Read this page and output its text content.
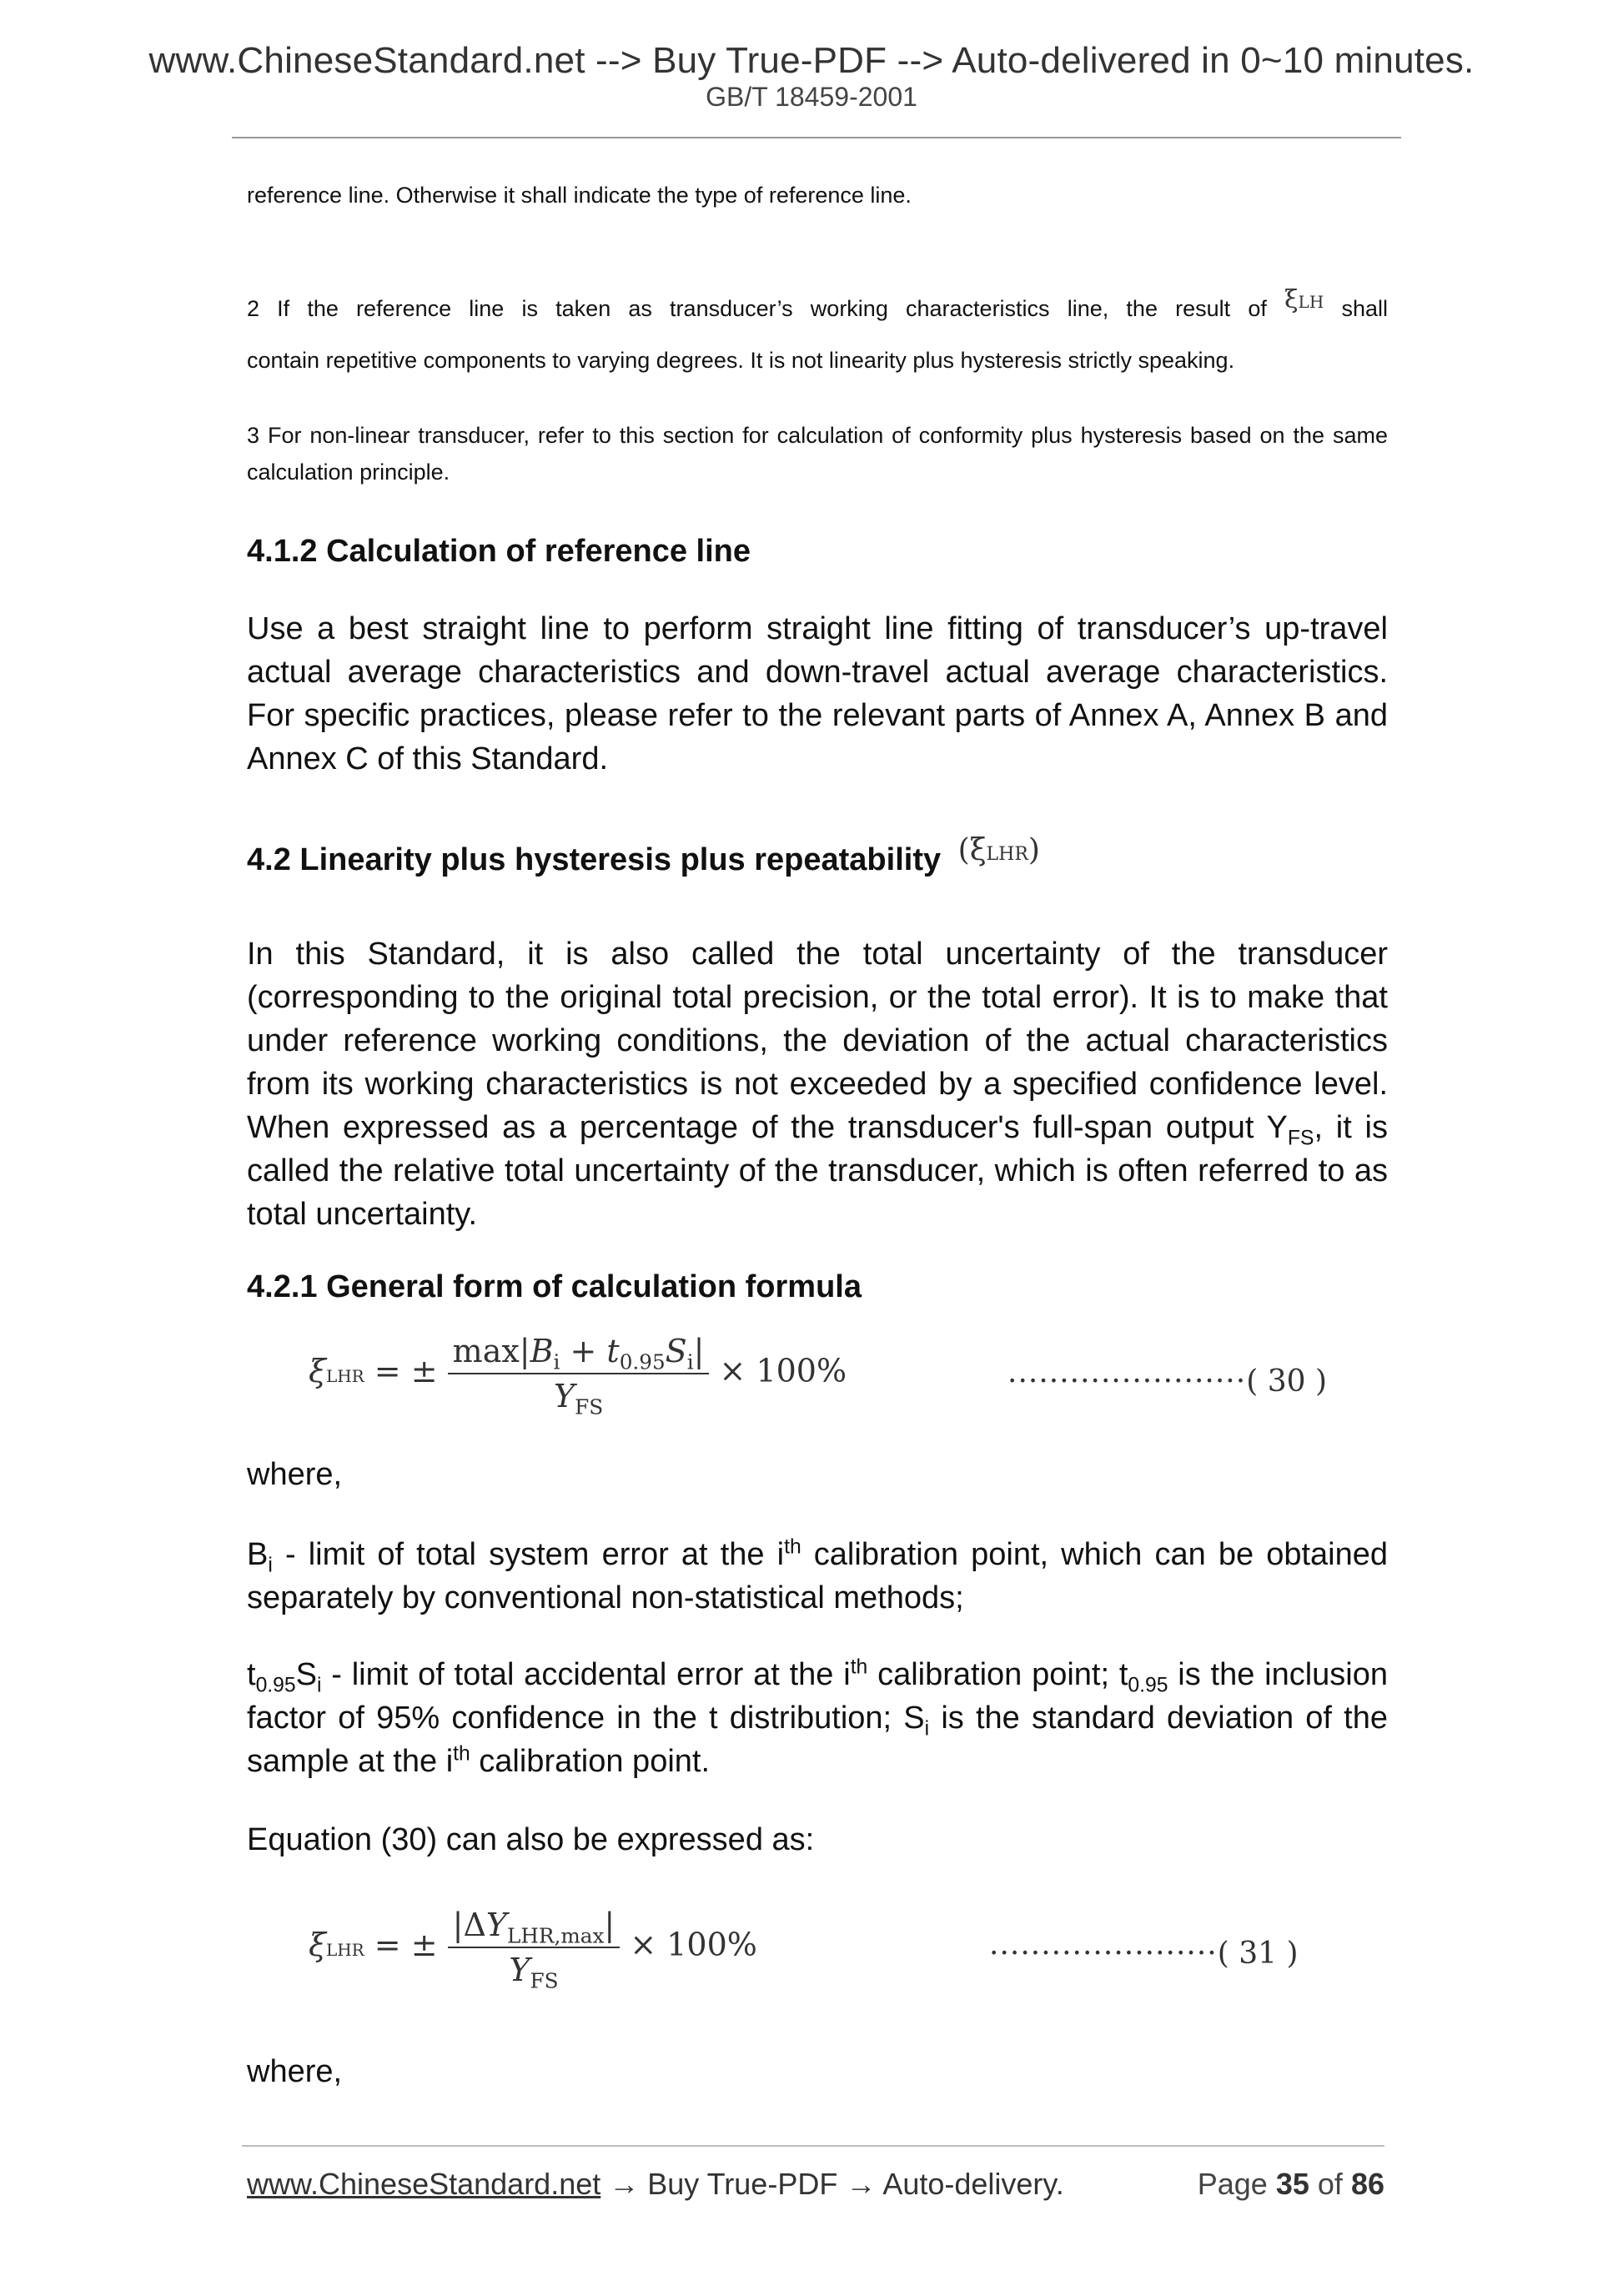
www.ChineseStandard.net --> Buy True-PDF --> Auto-delivered in 0~10 minutes.
GB/T 18459-2001
reference line. Otherwise it shall indicate the type of reference line.
2 If the reference line is taken as transducer’s working characteristics line, the result of ξLH shall
contain repetitive components to varying degrees. It is not linearity plus hysteresis strictly speaking.
3 For non-linear transducer, refer to this section for calculation of conformity plus hysteresis based on the same calculation principle.
4.1.2 Calculation of reference line
Use a best straight line to perform straight line fitting of transducer’s up-travel actual average characteristics and down-travel actual average characteristics. For specific practices, please refer to the relevant parts of Annex A, Annex B and Annex C of this Standard.
4.2 Linearity plus hysteresis plus repeatability (ξLHR)
In this Standard, it is also called the total uncertainty of the transducer (corresponding to the original total precision, or the total error). It is to make that under reference working conditions, the deviation of the actual characteristics from its working characteristics is not exceeded by a specified confidence level. When expressed as a percentage of the transducer's full-span output $Y_{FS}$, it is called the relative total uncertainty of the transducer, which is often referred to as total uncertainty.
4.2.1 General form of calculation formula
ξLHR = ± $\frac{\max|B_i + t_{0.95}S_i|}{Y_{FS}} \times 100\%$	·······················( 30 )
where,
$B_i$ - limit of total system error at the $i^{th}$ calibration point, which can be obtained separately by conventional non-statistical methods;
$t_{0.95}S_i$ - limit of total accidental error at the $i^{th}$ calibration point; $t_{0.95}$ is the inclusion factor of 95% confidence in the t distribution; $S_i$ is the standard deviation of the sample at the $i^{th}$ calibration point.
Equation (30) can also be expressed as:
ξLHR = ± $\frac{|\Delta Y_{LHR,max}|}{Y_{FS}} \times 100\%$	······················( 31 )
where,
www.ChineseStandard.net → Buy True-PDF → Auto-delivery.	Page 35 of 86
